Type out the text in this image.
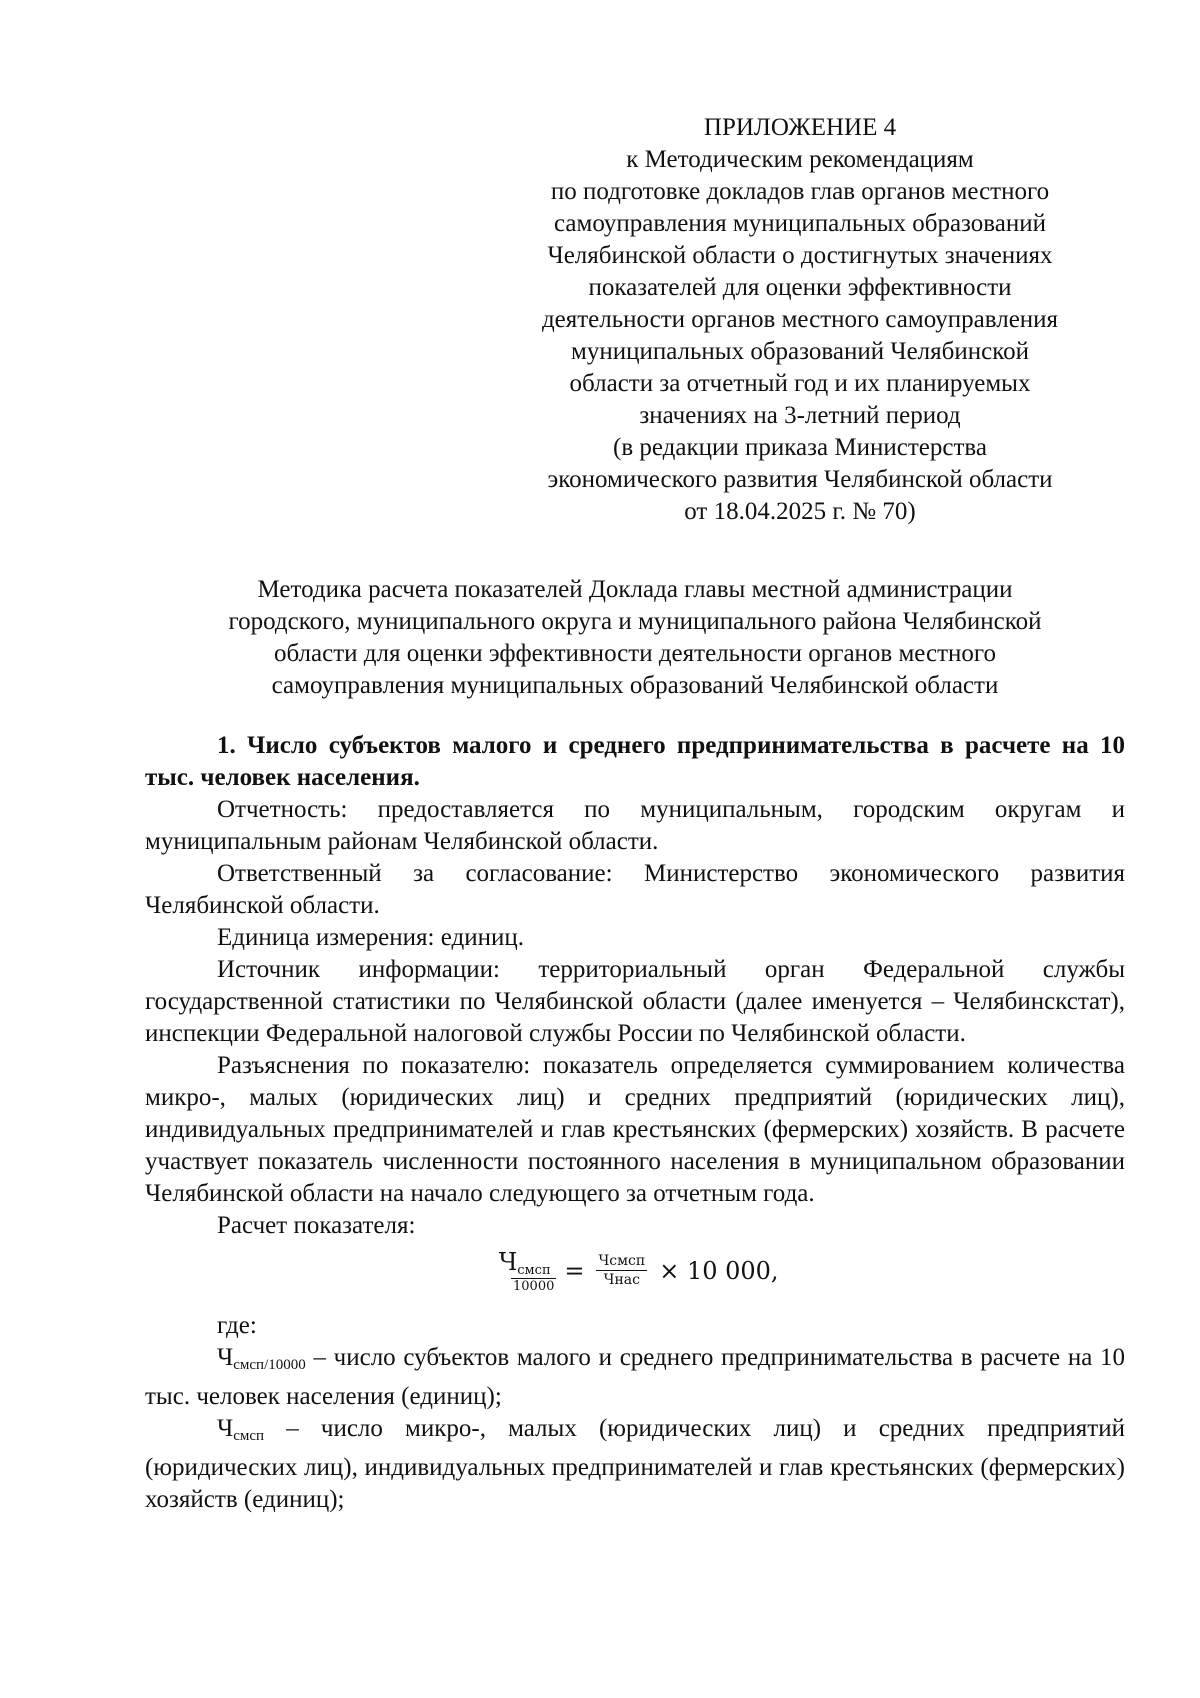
ПРИЛОЖЕНИЕ 4
к Методическим рекомендациям
по подготовке докладов глав органов местного
самоуправления муниципальных образований
Челябинской области о достигнутых значениях
показателей для оценки эффективности
деятельности органов местного самоуправления
муниципальных образований Челябинской
области за отчетный год и их планируемых
значениях на 3-летний период
(в редакции приказа Министерства
экономического развития Челябинской области
от 18.04.2025 г. № 70)
Методика расчета показателей Доклада главы местной администрации
городского, муниципального округа и муниципального района Челябинской
области для оценки эффективности деятельности органов местного
самоуправления муниципальных образований Челябинской области

1. Число субъектов малого и среднего предпринимательства в расчете на 10 тыс. человек населения.

Отчетность: предоставляется по муниципальным, городским округам и муниципальным районам Челябинской области.

Ответственный за согласование: Министерство экономического развития Челябинской области.

Единица измерения: единиц.

Источник информации: территориальный орган Федеральной службы государственной статистики по Челябинской области (далее именуется – Челябинскстат), инспекции Федеральной налоговой службы России по Челябинской области.

Разъяснения по показателю: показатель определяется суммированием количества микро-, малых (юридических лиц) и средних предприятий (юридических лиц), индивидуальных предпринимателей и глав крестьянских (фермерских) хозяйств. В расчете участвует показатель численности постоянного населения в муниципальном образовании Челябинской области на начало следующего за отчетным года.

Расчет показателя:

Ч смсп
10000
= $\frac{\text{Чсмсп}}{\text{Чнас}} \times 10$ 000,

где:

Чсмсп/10000 – число субъектов малого и среднего предпринимательства в расчете на 10 тыс. человек населения (единиц);

Чсмсп – число микро-, малых (юридических лиц) и средних предприятий (юридических лиц), индивидуальных предпринимателей и глав крестьянских (фермерских) хозяйств (единиц);
